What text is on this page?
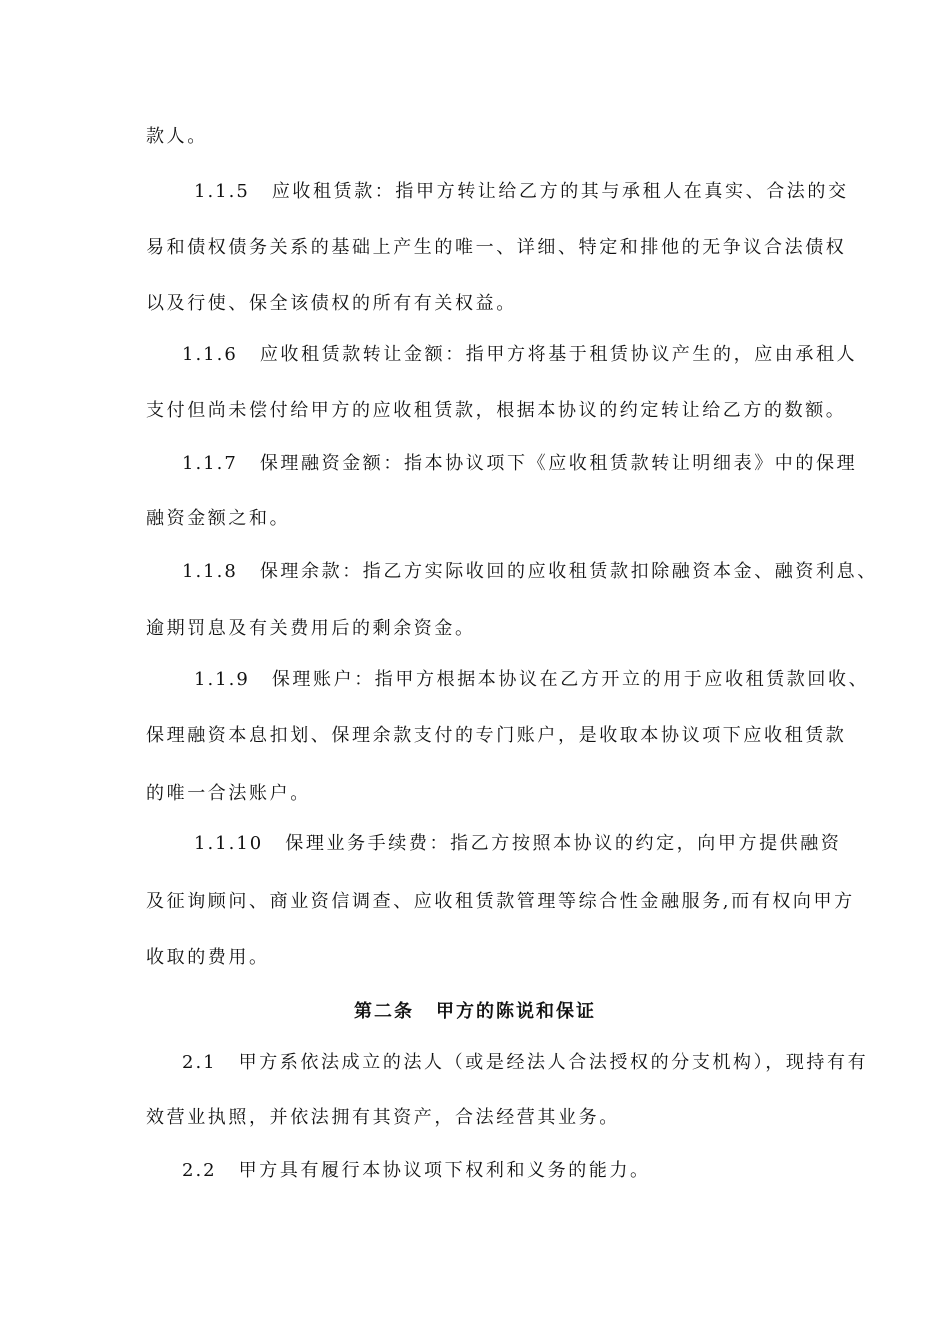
款人。
1.1.5 应收租赁款：指甲方转让给乙方的其与承租人在真实、合法的交
易和债权债务关系的基础上产生的唯一、详细、特定和排他的无争议合法债权
以及行使、保全该债权的所有有关权益。
1.1.6 应收租赁款转让金额：指甲方将基于租赁协议产生的，应由承租人
支付但尚未偿付给甲方的应收租赁款，根据本协议的约定转让给乙方的数额。
1.1.7 保理融资金额：指本协议项下《应收租赁款转让明细表》中的保理
融资金额之和。
1.1.8 保理余款：指乙方实际收回的应收租赁款扣除融资本金、融资利息、
逾期罚息及有关费用后的剩余资金。
1.1.9 保理账户：指甲方根据本协议在乙方开立的用于应收租赁款回收、
保理融资本息扣划、保理余款支付的专门账户，是收取本协议项下应收租赁款
的唯一合法账户。
1.1.10 保理业务手续费：指乙方按照本协议的约定，向甲方提供融资
及征询顾问、商业资信调查、应收租赁款管理等综合性金融服务,而有权向甲方
收取的费用。
第二条 甲方的陈说和保证
2.1 甲方系依法成立的法人（或是经法人合法授权的分支机构），现持有有
效营业执照，并依法拥有其资产，合法经营其业务。
2.2 甲方具有履行本协议项下权利和义务的能力。
